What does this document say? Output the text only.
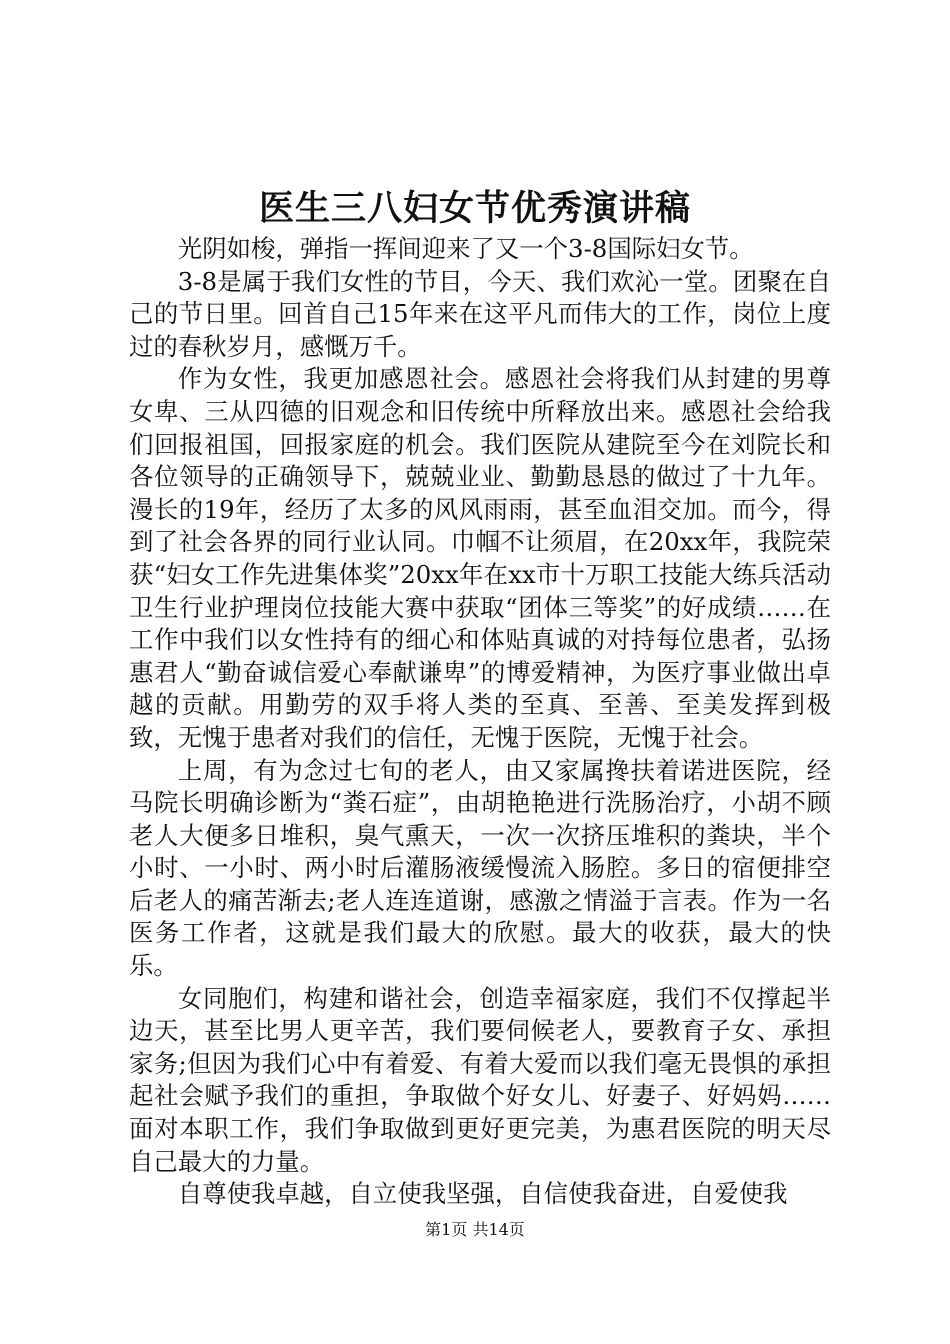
医生三八妇女节优秀演讲稿

光阴如梭，弹指一挥间迎来了又一个3-8国际妇女节。

3-8是属于我们女性的节目，今天、我们欢沁一堂。团聚在自己的节日里。回首自己15年来在这平凡而伟大的工作，岗位上度过的春秋岁月，感慨万千。

作为女性，我更加感恩社会。感恩社会将我们从封建的男尊女卑、三从四德的旧观念和旧传统中所释放出来。感恩社会给我们回报祖国，回报家庭的机会。我们医院从建院至今在刘院长和各位领导的正确领导下，兢兢业业、勤勤恳恳的做过了十九年。漫长的19年，经历了太多的风风雨雨，甚至血泪交加。而今，得到了社会各界的同行业认同。巾帼不让须眉，在20xx年，我院荣获“妇女工作先进集体奖”20xx年在xx市十万职工技能大练兵活动卫生行业护理岗位技能大赛中获取“团体三等奖”的好成绩……在工作中我们以女性持有的细心和体贴真诚的对持每位患者，弘扬惠君人“勤奋诚信爱心奉献谦卑”的博爱精神，为医疗事业做出卓越的贡献。用勤劳的双手将人类的至真、至善、至美发挥到极致，无愧于患者对我们的信任，无愧于医院，无愧于社会。

上周，有为念过七旬的老人，由又家属搀扶着诺进医院，经马院长明确诊断为“粪石症”，由胡艳艳进行洗肠治疗，小胡不顾老人大便多日堆积，臭气熏天，一次一次挤压堆积的粪块，半个小时、一小时、两小时后灌肠液缓慢流入肠腔。多日的宿便排空后老人的痛苦渐去;老人连连道谢，感激之情溢于言表。作为一名医务工作者，这就是我们最大的欣慰。最大的收获，最大的快乐。

女同胞们，构建和谐社会，创造幸福家庭，我们不仅撑起半边天，甚至比男人更辛苦，我们要伺候老人，要教育子女、承担家务;但因为我们心中有着爱、有着大爱而以我们毫无畏惧的承担起社会赋予我们的重担，争取做个好女儿、好妻子、好妈妈……面对本职工作，我们争取做到更好更完美，为惠君医院的明天尽自己最大的力量。

自尊使我卓越，自立使我坚强，自信使我奋进，自爱使我

第1页 共14页
